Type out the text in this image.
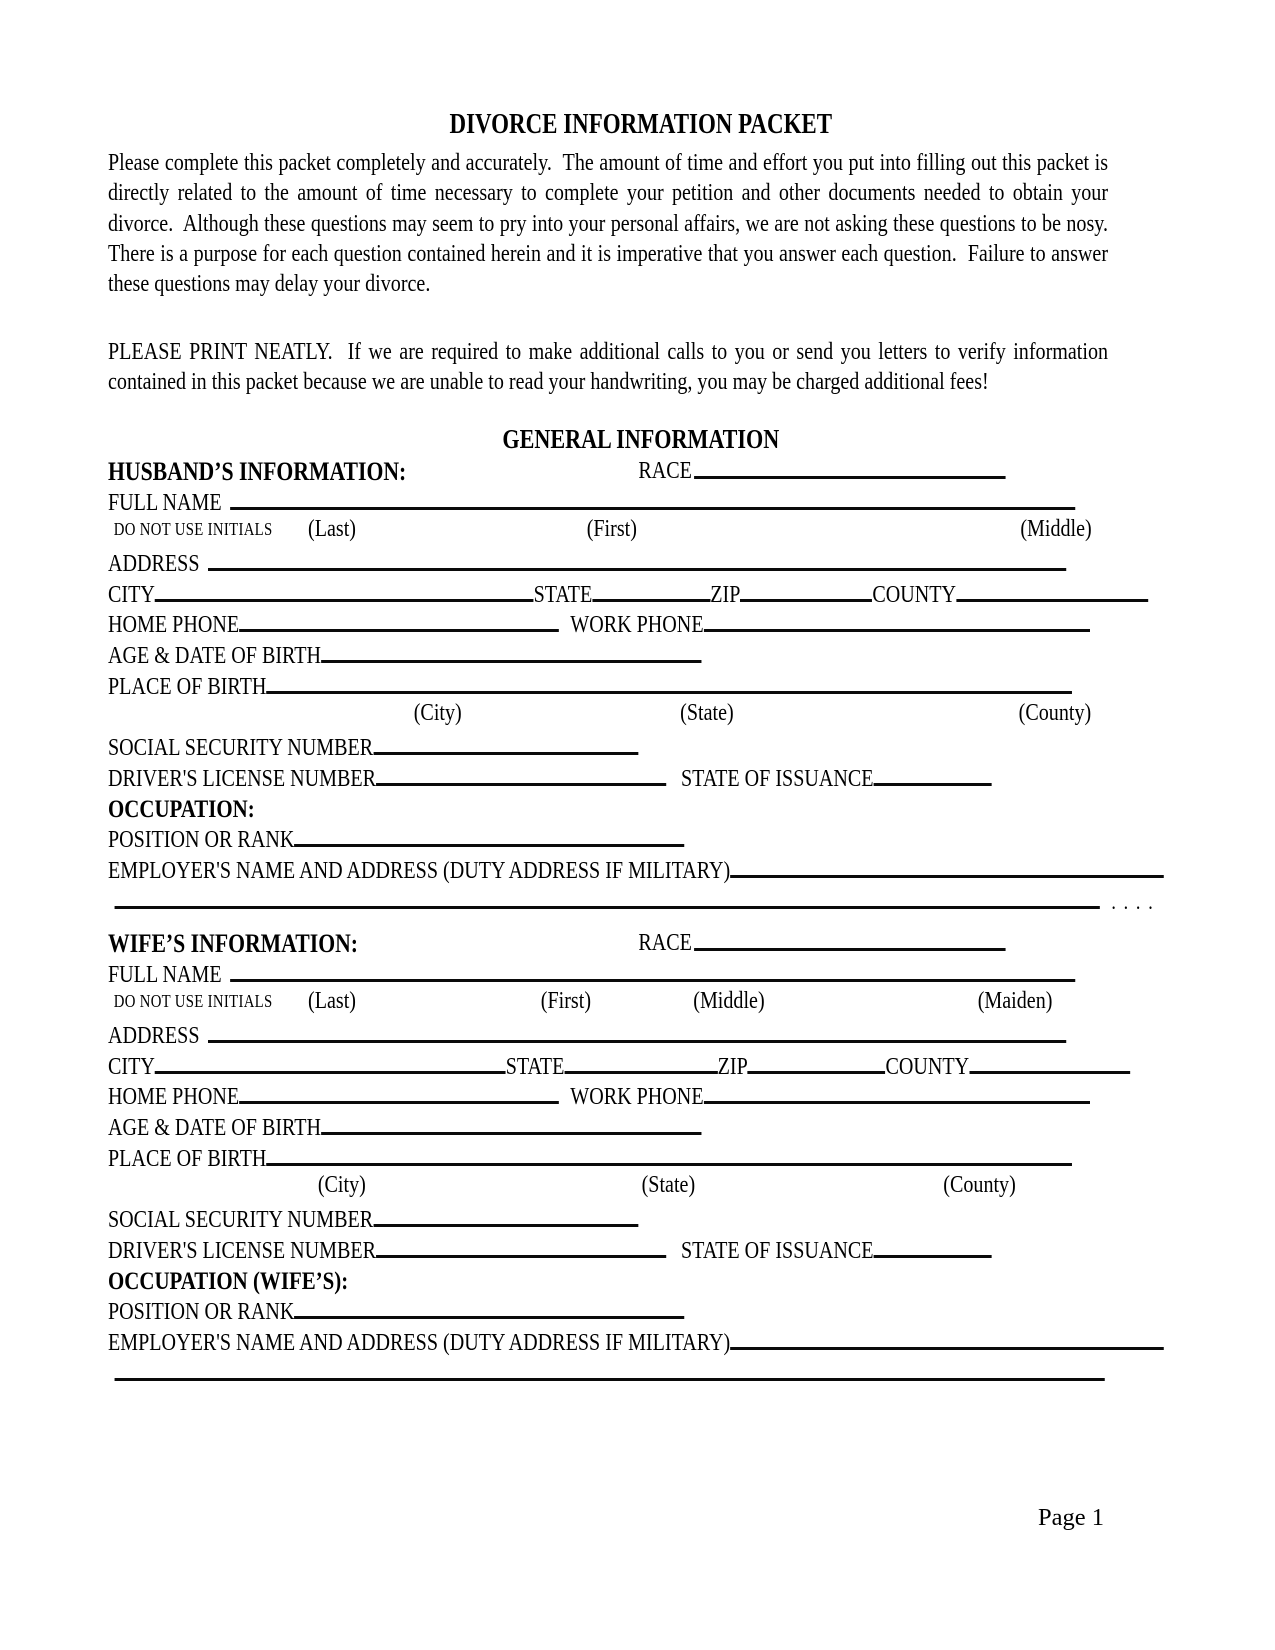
DIVORCE INFORMATION PACKET

Please complete this packet completely and accurately.  The amount of time and effort you put into filling out this packet is directly related to the amount of time necessary to complete your petition and other documents needed to obtain your divorce.  Although these questions may seem to pry into your personal affairs, we are not asking these questions to be nosy.  There is a purpose for each question contained herein and it is imperative that you answer each question.  Failure to answer these questions may delay your divorce.

PLEASE PRINT NEATLY.  If we are required to make additional calls to you or send you letters to verify information contained in this packet because we are unable to read your handwriting, you may be charged additional fees!

GENERAL INFORMATION
HUSBAND’S INFORMATION:	RACE
FULL NAME
DO NOT USE INITIALS (Last)	(First)	(Middle)
ADDRESS
CITY	STATE	ZIP	COUNTY
HOME PHONE	WORK PHONE
AGE & DATE OF BIRTH
PLACE OF BIRTH
(City)	(State)	(County)
SOCIAL SECURITY NUMBER
DRIVER'S LICENSE NUMBER	STATE OF ISSUANCE
OCCUPATION:
POSITION OR RANK
EMPLOYER'S NAME AND ADDRESS (DUTY ADDRESS IF MILITARY)
. . . .
WIFE’S INFORMATION:	RACE
FULL NAME
DO NOT USE INITIALS (Last)	(First)	(Middle)	(Maiden)
ADDRESS
CITY	STATE	ZIP	COUNTY
HOME PHONE	WORK PHONE
AGE & DATE OF BIRTH
PLACE OF BIRTH
(City)	(State)	(County)
SOCIAL SECURITY NUMBER
DRIVER'S LICENSE NUMBER	STATE OF ISSUANCE
OCCUPATION (WIFE’S):
POSITION OR RANK
EMPLOYER'S NAME AND ADDRESS (DUTY ADDRESS IF MILITARY)
Page 1
